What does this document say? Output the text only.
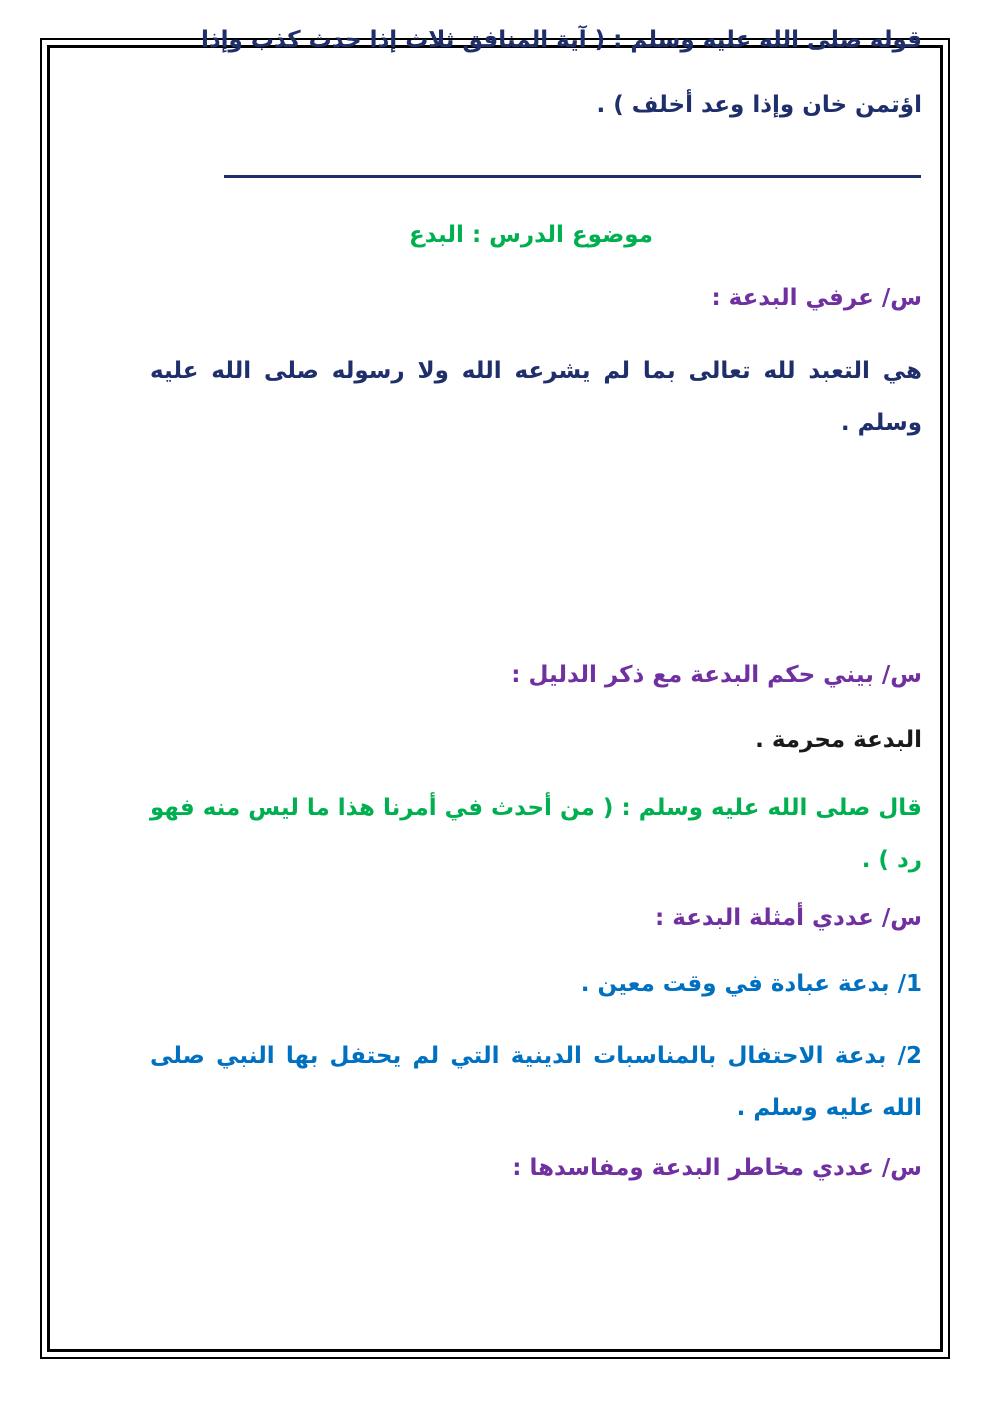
قوله صلى الله عليه وسلم : ( آية المنافق ثلاث إذا حدث كذب وإذا
اؤتمن خان وإذا وعد أخلف ) .
س/ عرفي البدعة :
هي التعبد لله تعالى بما لم يشرعه الله ولا رسوله صلى الله عليه وسلم .
س/ بيني حكم البدعة مع ذكر الدليل :
البدعة محرمة .
قال صلى الله عليه وسلم : ( من أحدث في أمرنا هذا ما ليس منه فهو رد ) .
س/ عددي أمثلة البدعة :
1/ بدعة عبادة في وقت معين .
2/ بدعة الاحتفال بالمناسبات الدينية التي لم يحتفل بها النبي صلى الله عليه وسلم .
س/ عددي مخاطر البدعة ومفاسدها :
موضوع الدرس : البدع
